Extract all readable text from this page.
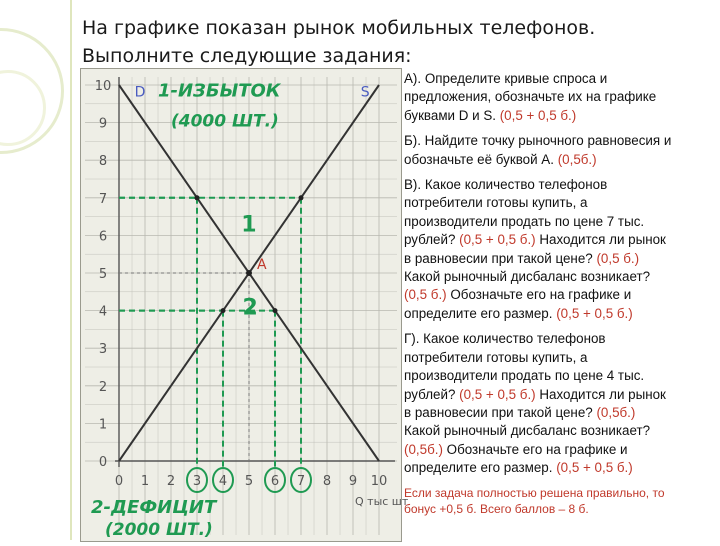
На графике показан рынок мобильных телефонов.
Выполните следующие задания:
0
1
2
3
4
5
6
7
8
9
10
0 1 2 3 4 5 6 7 8 9 10
Q тыс шт
D	S
A
1-ИЗБЫТОК
(4000 ШТ.)
1
2
2-ДЕФИЦИТ
(2000 ШТ.)
А). Определите кривые спроса и
предложения, обозначьте их на графике
буквами D и S. (0,5 + 0,5 б.)
Б). Найдите точку рыночного равновесия и
обозначьте её буквой А. (0,5б.)
В). Какое количество телефонов
потребители готовы купить, а
производители продать по цене 7 тыс.
рублей? (0,5 + 0,5 б.) Находится ли рынок
в равновесии при такой цене? (0,5 б.)
Какой рыночный дисбаланс возникает?
(0,5 б.) Обозначьте его на графике и
определите его размер. (0,5 + 0,5 б.)
Г). Какое количество телефонов
потребители готовы купить, а
производители продать по цене 4 тыс.
рублей? (0,5 + 0,5 б.) Находится ли рынок
в равновесии при такой цене? (0,5б.)
Какой рыночный дисбаланс возникает?
(0,5б.) Обозначьте его на графике и
определите его размер. (0,5 + 0,5 б.)
Если задача полностью решена правильно, то
бонус +0,5 б. Всего баллов – 8 б.
